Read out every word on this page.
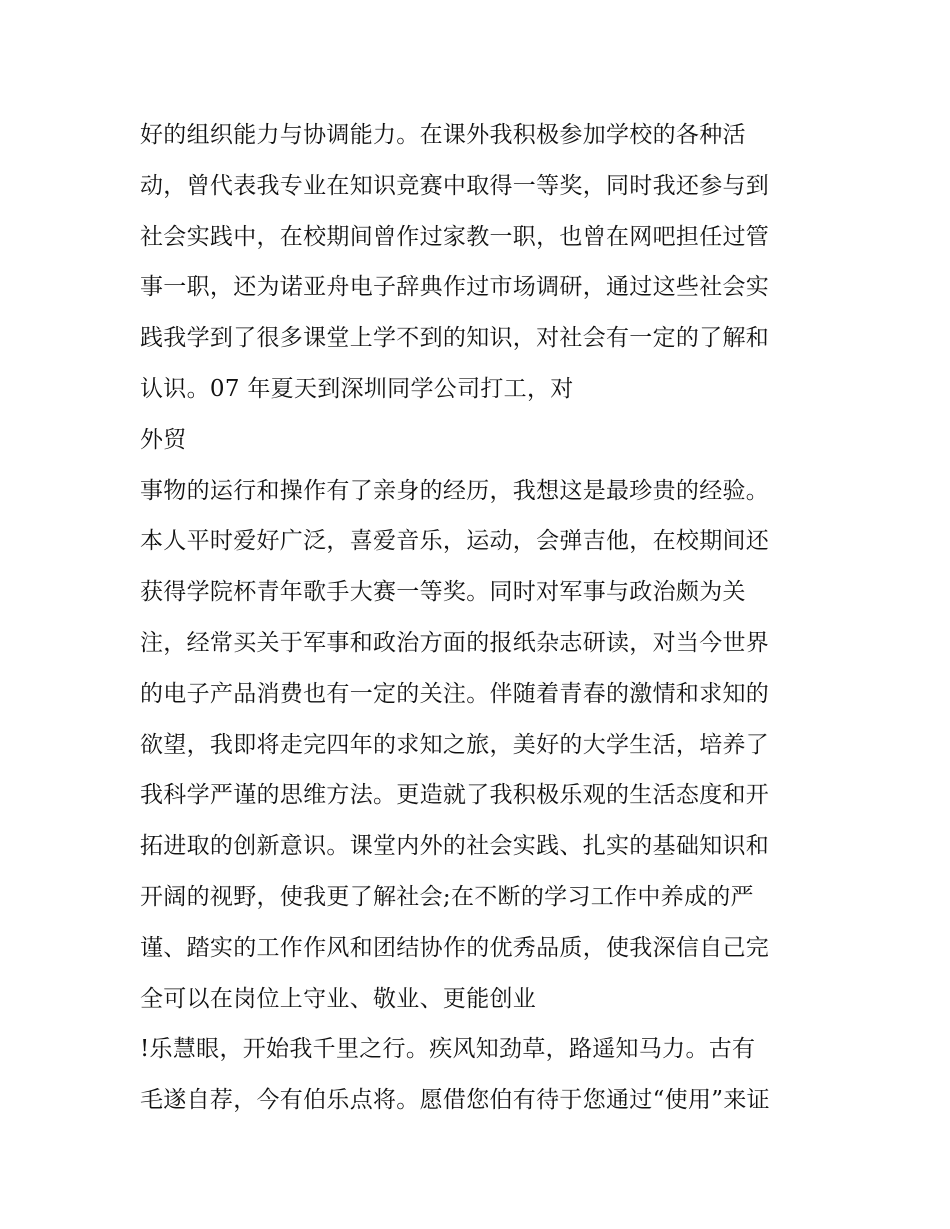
好的组织能力与协调能力。在课外我积极参加学校的各种活
动，曾代表我专业在知识竞赛中取得一等奖，同时我还参与到
社会实践中，在校期间曾作过家教一职，也曾在网吧担任过管
事一职，还为诺亚舟电子辞典作过市场调研，通过这些社会实
践我学到了很多课堂上学不到的知识，对社会有一定的了解和
认识。07 年夏天到深圳同学公司打工，对
外贸
事物的运行和操作有了亲身的经历，我想这是最珍贵的经验。
本人平时爱好广泛，喜爱音乐，运动，会弹吉他，在校期间还
获得学院杯青年歌手大赛一等奖。同时对军事与政治颇为关
注，经常买关于军事和政治方面的报纸杂志研读，对当今世界
的电子产品消费也有一定的关注。伴随着青春的激情和求知的
欲望，我即将走完四年的求知之旅，美好的大学生活，培养了
我科学严谨的思维方法。更造就了我积极乐观的生活态度和开
拓进取的创新意识。课堂内外的社会实践、扎实的基础知识和
开阔的视野，使我更了解社会;在不断的学习工作中养成的严
谨、踏实的工作作风和团结协作的优秀品质，使我深信自己完
全可以在岗位上守业、敬业、更能创业
!乐慧眼，开始我千里之行。疾风知劲草，路遥知马力。古有
毛遂自荐，今有伯乐点将。愿借您伯有待于您通过“使用”来证
